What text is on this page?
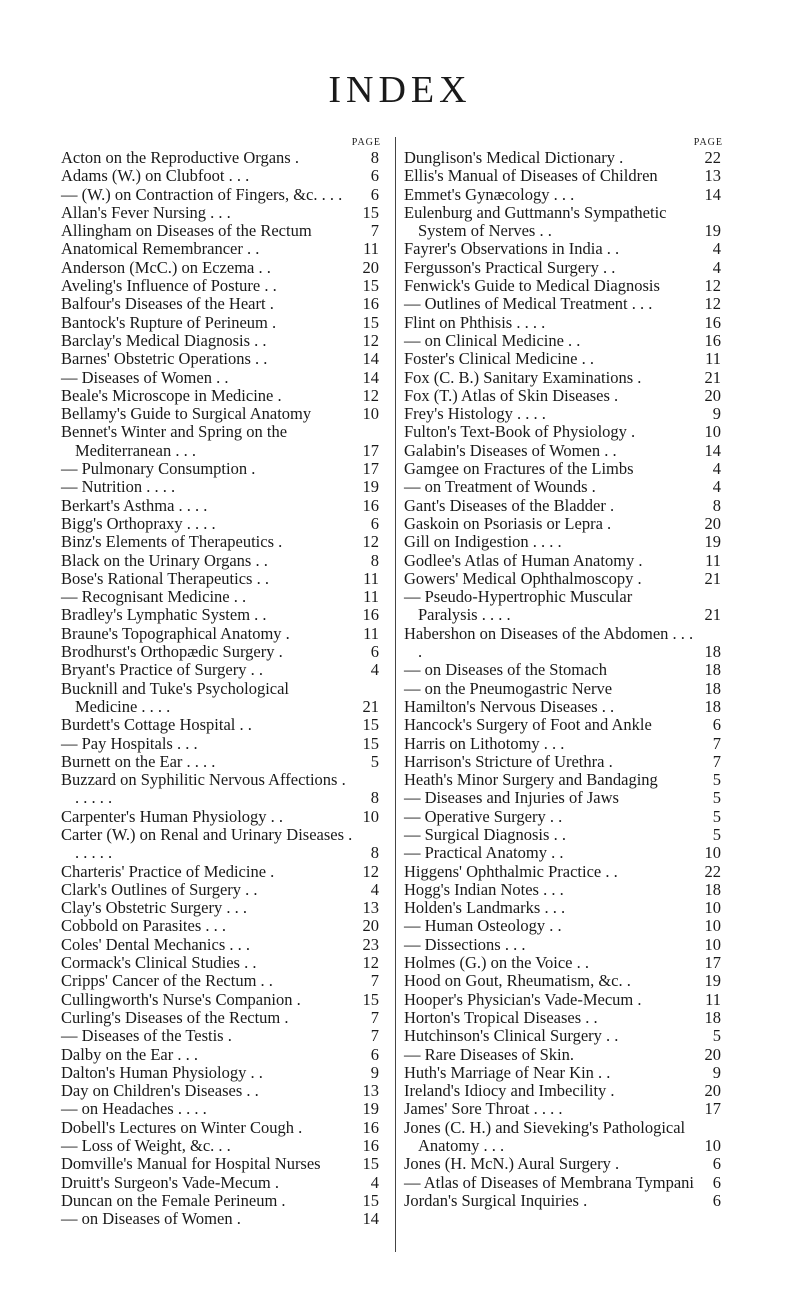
INDEX
PAGE
Acton on the Reproductive Organs .	8
Adams (W.) on Clubfoot . . .	6
— (W.) on Contraction of Fingers, &c. . . .	6
Allan's Fever Nursing . . .	15
Allingham on Diseases of the Rectum	7
Anatomical Remembrancer . .	11
Anderson (McC.) on Eczema . .	20
Aveling's Influence of Posture . .	15
Balfour's Diseases of the Heart .	16
Bantock's Rupture of Perineum .	15
Barclay's Medical Diagnosis . .	12
Barnes' Obstetric Operations . .	14
— Diseases of Women . .	14
Beale's Microscope in Medicine .	12
Bellamy's Guide to Surgical Anatomy	10
Bennet's Winter and Spring on the Mediterranean . . .	17
— Pulmonary Consumption .	17
— Nutrition . . . .	19
Berkart's Asthma . . . .	16
Bigg's Orthopraxy . . . .	6
Binz's Elements of Therapeutics .	12
Black on the Urinary Organs . .	8
Bose's Rational Therapeutics . .	11
— Recognisant Medicine . .	11
Bradley's Lymphatic System . .	16
Braune's Topographical Anatomy .	11
Brodhurst's Orthopædic Surgery .	6
Bryant's Practice of Surgery . .	4
Bucknill and Tuke's Psychological Medicine . . . .	21
Burdett's Cottage Hospital . .	15
— Pay Hospitals . . .	15
Burnett on the Ear . . . .	5
Buzzard on Syphilitic Nervous Affections . . . . . .	8
Carpenter's Human Physiology . .	10
Carter (W.) on Renal and Urinary Diseases . . . . . .	8
Charteris' Practice of Medicine .	12
Clark's Outlines of Surgery . .	4
Clay's Obstetric Surgery . . .	13
Cobbold on Parasites . . .	20
Coles' Dental Mechanics . . .	23
Cormack's Clinical Studies . .	12
Cripps' Cancer of the Rectum . .	7
Cullingworth's Nurse's Companion .	15
Curling's Diseases of the Rectum .	7
— Diseases of the Testis .	7
Dalby on the Ear . . .	6
Dalton's Human Physiology . .	9
Day on Children's Diseases . .	13
— on Headaches . . . .	19
Dobell's Lectures on Winter Cough .	16
— Loss of Weight, &c. . .	16
Domville's Manual for Hospital Nurses	15
Druitt's Surgeon's Vade-Mecum .	4
Duncan on the Female Perineum .	15
— on Diseases of Women .	14
PAGE
Dunglison's Medical Dictionary .	22
Ellis's Manual of Diseases of Children	13
Emmet's Gynæcology . . .	14
Eulenburg and Guttmann's Sympathetic System of Nerves . .	19
Fayrer's Observations in India . .	4
Fergusson's Practical Surgery . .	4
Fenwick's Guide to Medical Diagnosis	12
— Outlines of Medical Treatment . . .	12
Flint on Phthisis . . . .	16
— on Clinical Medicine . .	16
Foster's Clinical Medicine . .	11
Fox (C. B.) Sanitary Examinations .	21
Fox (T.) Atlas of Skin Diseases .	20
Frey's Histology . . . .	9
Fulton's Text-Book of Physiology .	10
Galabin's Diseases of Women . .	14
Gamgee on Fractures of the Limbs	4
— on Treatment of Wounds .	4
Gant's Diseases of the Bladder .	8
Gaskoin on Psoriasis or Lepra .	20
Gill on Indigestion . . . .	19
Godlee's Atlas of Human Anatomy .	11
Gowers' Medical Ophthalmoscopy .	21
— Pseudo-Hypertrophic Muscular Paralysis . . . .	21
Habershon on Diseases of the Abdomen . . . .	18
— on Diseases of the Stomach	18
— on the Pneumogastric Nerve	18
Hamilton's Nervous Diseases . .	18
Hancock's Surgery of Foot and Ankle	6
Harris on Lithotomy . . .	7
Harrison's Stricture of Urethra .	7
Heath's Minor Surgery and Bandaging	5
— Diseases and Injuries of Jaws	5
— Operative Surgery . .	5
— Surgical Diagnosis . .	5
— Practical Anatomy . .	10
Higgens' Ophthalmic Practice . .	22
Hogg's Indian Notes . . .	18
Holden's Landmarks . . .	10
— Human Osteology . .	10
— Dissections . . .	10
Holmes (G.) on the Voice . .	17
Hood on Gout, Rheumatism, &c. .	19
Hooper's Physician's Vade-Mecum .	11
Horton's Tropical Diseases . .	18
Hutchinson's Clinical Surgery . .	5
— Rare Diseases of Skin.	20
Huth's Marriage of Near Kin . .	9
Ireland's Idiocy and Imbecility .	20
James' Sore Throat . . . .	17
Jones (C. H.) and Sieveking's Pathological Anatomy . . .	10
Jones (H. McN.) Aural Surgery .	6
— Atlas of Diseases of Membrana Tympani	6
Jordan's Surgical Inquiries .	6
